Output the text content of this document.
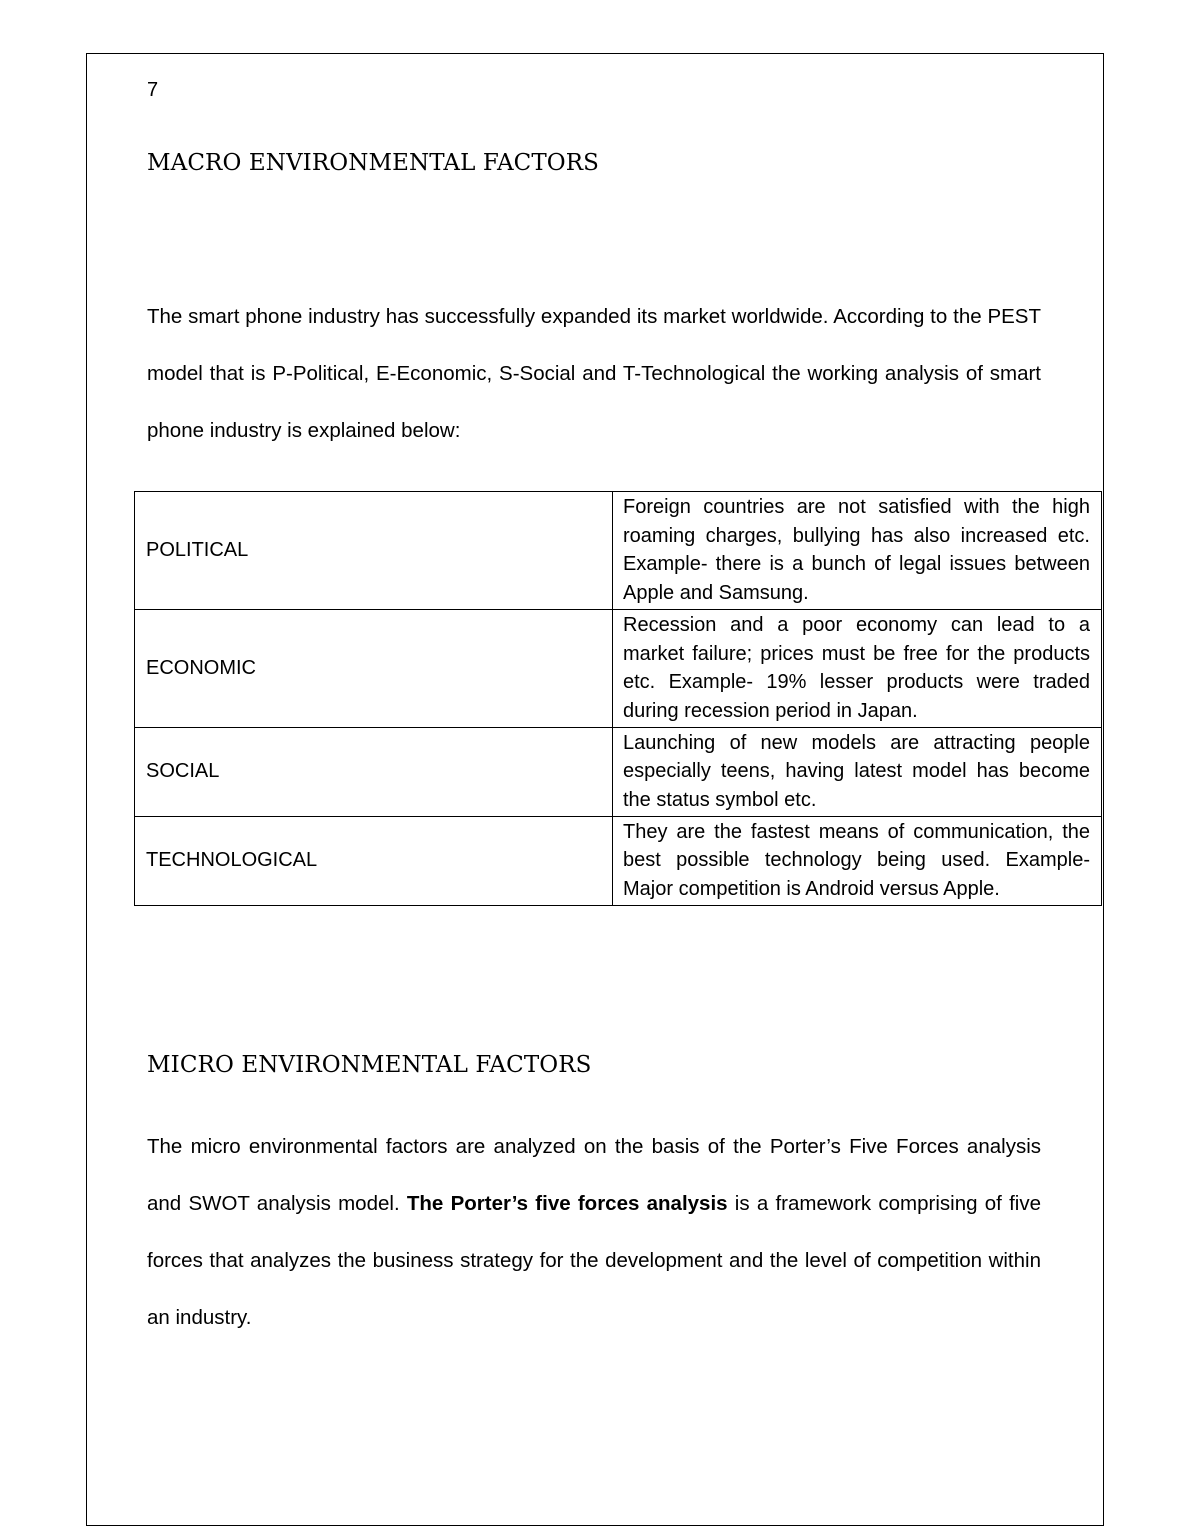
7
MACRO ENVIRONMENTAL FACTORS

The smart phone industry has successfully expanded its market worldwide. According to the PEST model that is P-Political, E-Economic, S-Social and T-Technological the working analysis of smart phone industry is explained below:

POLITICAL	Foreign countries are not satisfied with the high roaming charges, bullying has also increased etc. Example- there is a bunch of legal issues between Apple and Samsung.
ECONOMIC	Recession and a poor economy can lead to a market failure; prices must be free for the products etc. Example- 19% lesser products were traded during recession period in Japan.
SOCIAL	Launching of new models are attracting people especially teens, having latest model has become the status symbol etc.
TECHNOLOGICAL	They are the fastest means of communication, the best possible technology being used. Example- Major competition is Android versus Apple.
MICRO ENVIRONMENTAL FACTORS

The micro environmental factors are analyzed on the basis of the Porter’s Five Forces analysis and SWOT analysis model. The Porter’s five forces analysis is a framework comprising of five forces that analyzes the business strategy for the development and the level of competition within an industry.
